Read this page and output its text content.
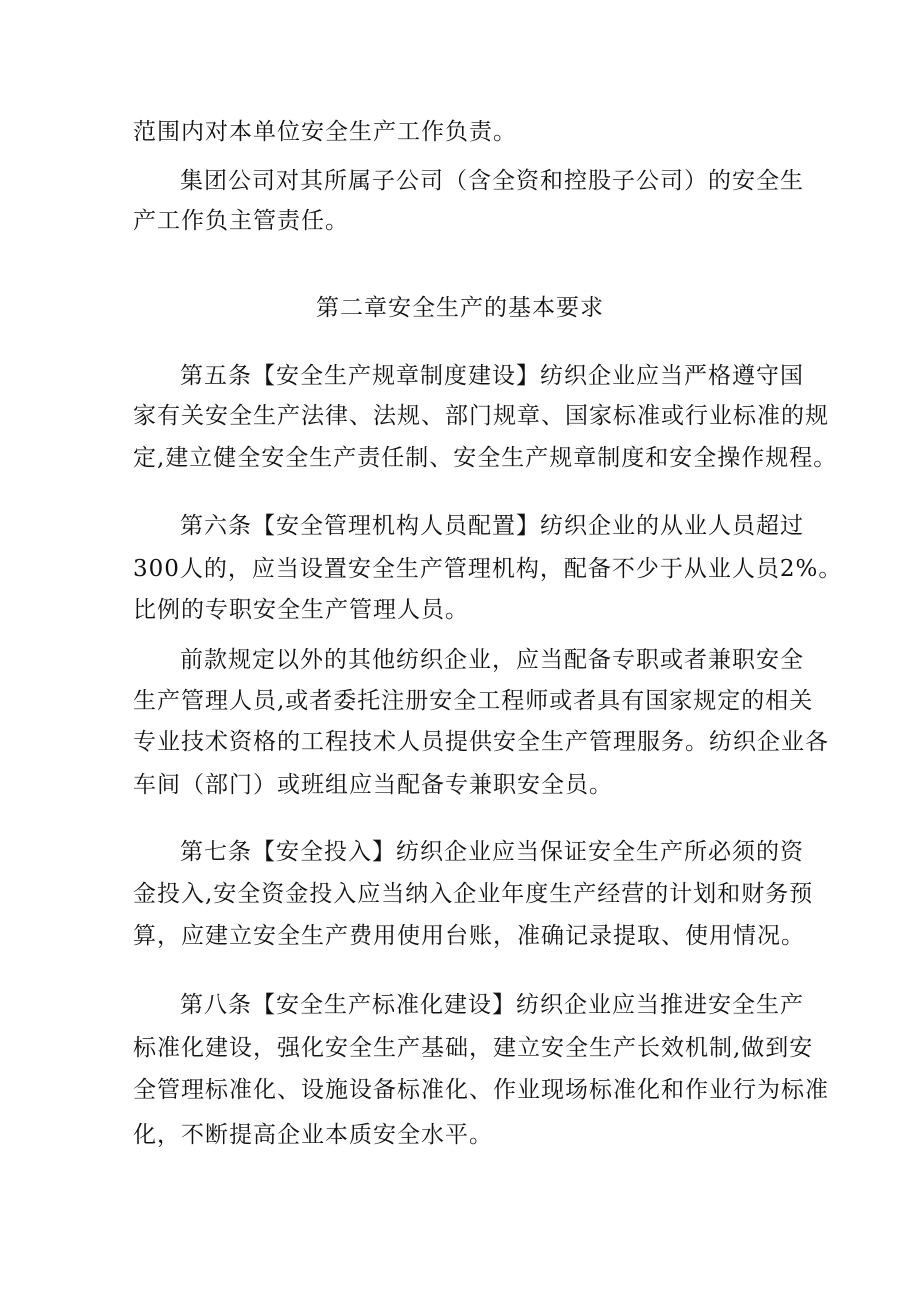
范围内对本单位安全生产工作负责。
集团公司对其所属子公司（含全资和控股子公司）的安全生
产工作负主管责任。
第二章安全生产的基本要求
第五条【安全生产规章制度建设】纺织企业应当严格遵守国
家有关安全生产法律、法规、部门规章、国家标准或行业标准的规
定,建立健全安全生产责任制、安全生产规章制度和安全操作规程。
第六条【安全管理机构人员配置】纺织企业的从业人员超过
300人的，应当设置安全生产管理机构，配备不少于从业人员2%。
比例的专职安全生产管理人员。
前款规定以外的其他纺织企业，应当配备专职或者兼职安全
生产管理人员,或者委托注册安全工程师或者具有国家规定的相关
专业技术资格的工程技术人员提供安全生产管理服务。纺织企业各
车间（部门）或班组应当配备专兼职安全员。
第七条【安全投入】纺织企业应当保证安全生产所必须的资
金投入,安全资金投入应当纳入企业年度生产经营的计划和财务预
算，应建立安全生产费用使用台账，准确记录提取、使用情况。
第八条【安全生产标准化建设】纺织企业应当推进安全生产
标准化建设，强化安全生产基础，建立安全生产长效机制,做到安
全管理标准化、设施设备标准化、作业现场标准化和作业行为标准
化，不断提高企业本质安全水平。
